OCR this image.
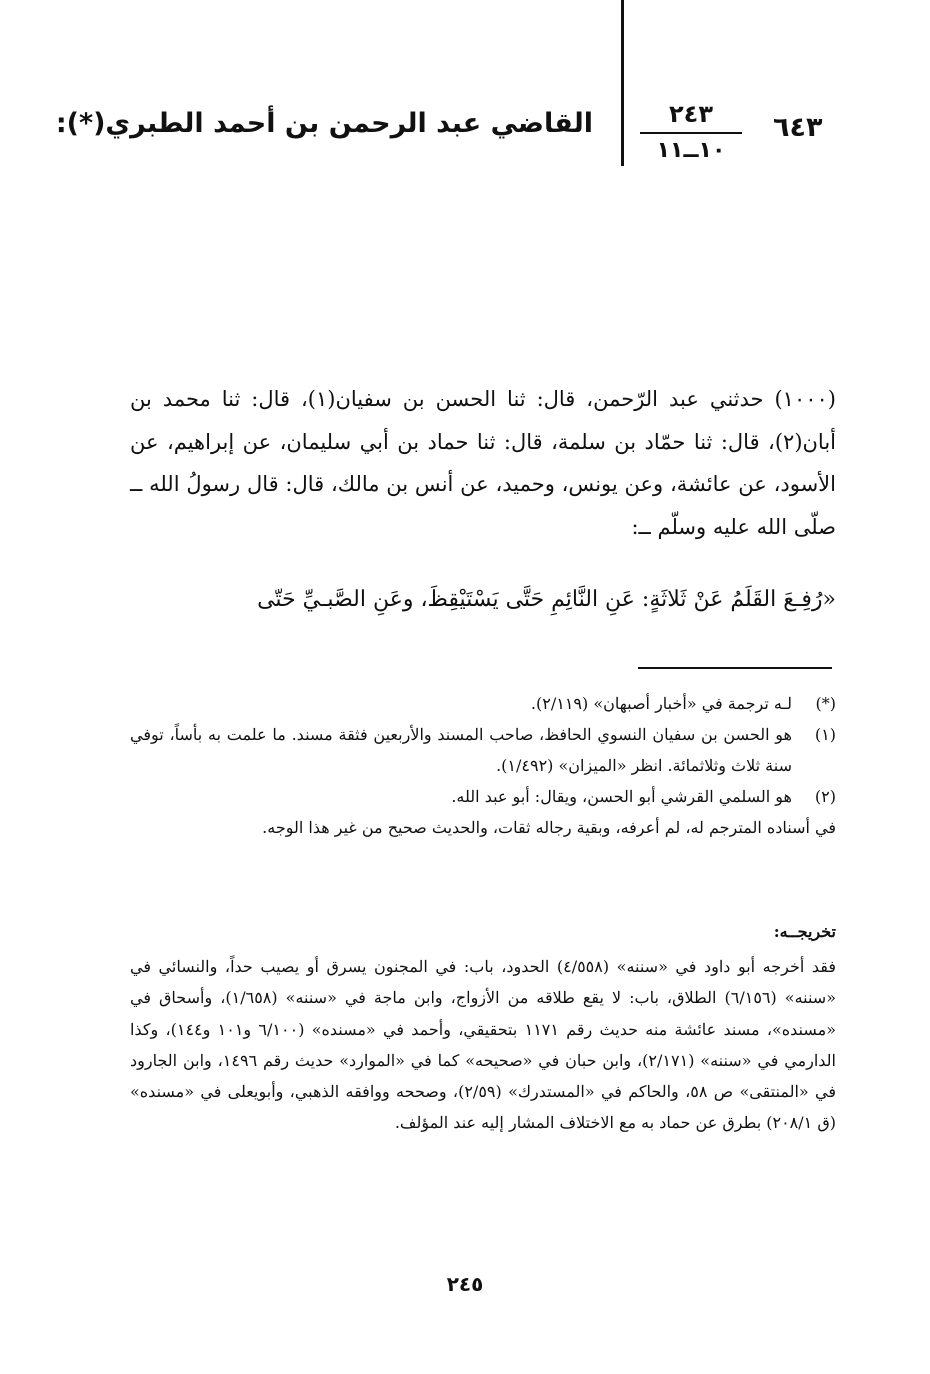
٦٤٣
٢٤٣
١٠ــ١١
القاضي عبد الرحمن بن أحمد الطبري(*):

(١٠٠٠) حدثني عبد الرّحمن، قال: ثنا الحسن بن سفيان(١)، قال: ثنا محمد بن أبان(٢)، قال: ثنا حمّاد بن سلمة، قال: ثنا حماد بن أبي سليمان، عن إبراهيم، عن الأسود، عن عائشة، وعن يونس، وحميد، عن أنس بن مالك، قال: قال رسولُ الله ــ صلّى الله عليه وسلّم ــ:

«رُفِـعَ القَلَمُ عَنْ ثَلاثَةٍ: عَنِ النَّائِمِ حَتَّى يَسْتَيْقِظَ، وعَنِ الصَّبـيِّ حَتّى
(*)
لـه ترجمة في «أخبار أصبهان» (٢/١١٩).
(١)
هو الحسن بن سفيان النسوي الحافظ، صاحب المسند والأربعين فثقة مسند. ما علمت به بأساً، توفي سنة ثلاث وثلاثمائة. انظر «الميزان» (١/٤٩٢).
(٢)
هو السلمي القرشي أبو الحسن، ويقال: أبو عبد الله.
في أسناده المترجم له، لم أعرفه، وبقية رجاله ثقات، والحديث صحيح من غير هذا الوجه.
تخريجــه:
فقد أخرجه أبو داود في «سننه» (٤/٥٥٨) الحدود، باب: في المجنون يسرق أو يصيب حداً، والنسائي في «سننه» (٦/١٥٦) الطلاق، باب: لا يقع طلاقه من الأزواج، وابن ماجة في «سننه» (١/٦٥٨)، وأسحاق في «مسنده»، مسند عائشة منه حديث رقم ١١٧١ بتحقيقي، وأحمد في «مسنده» (٦/١٠٠ و١٠١ و١٤٤)، وكذا الدارمي في «سننه» (٢/١٧١)، وابن حبان في «صحيحه» كما في «الموارد» حديث رقم ١٤٩٦، وابن الجارود في «المنتقى» ص ٥٨، والحاكم في «المستدرك» (٢/٥٩)، وصححه ووافقه الذهبي، وأبويعلى في «مسنده» (ق ٢٠٨/١) بطرق عن حماد به مع الاختلاف المشار إليه عند المؤلف.
٢٤٥
